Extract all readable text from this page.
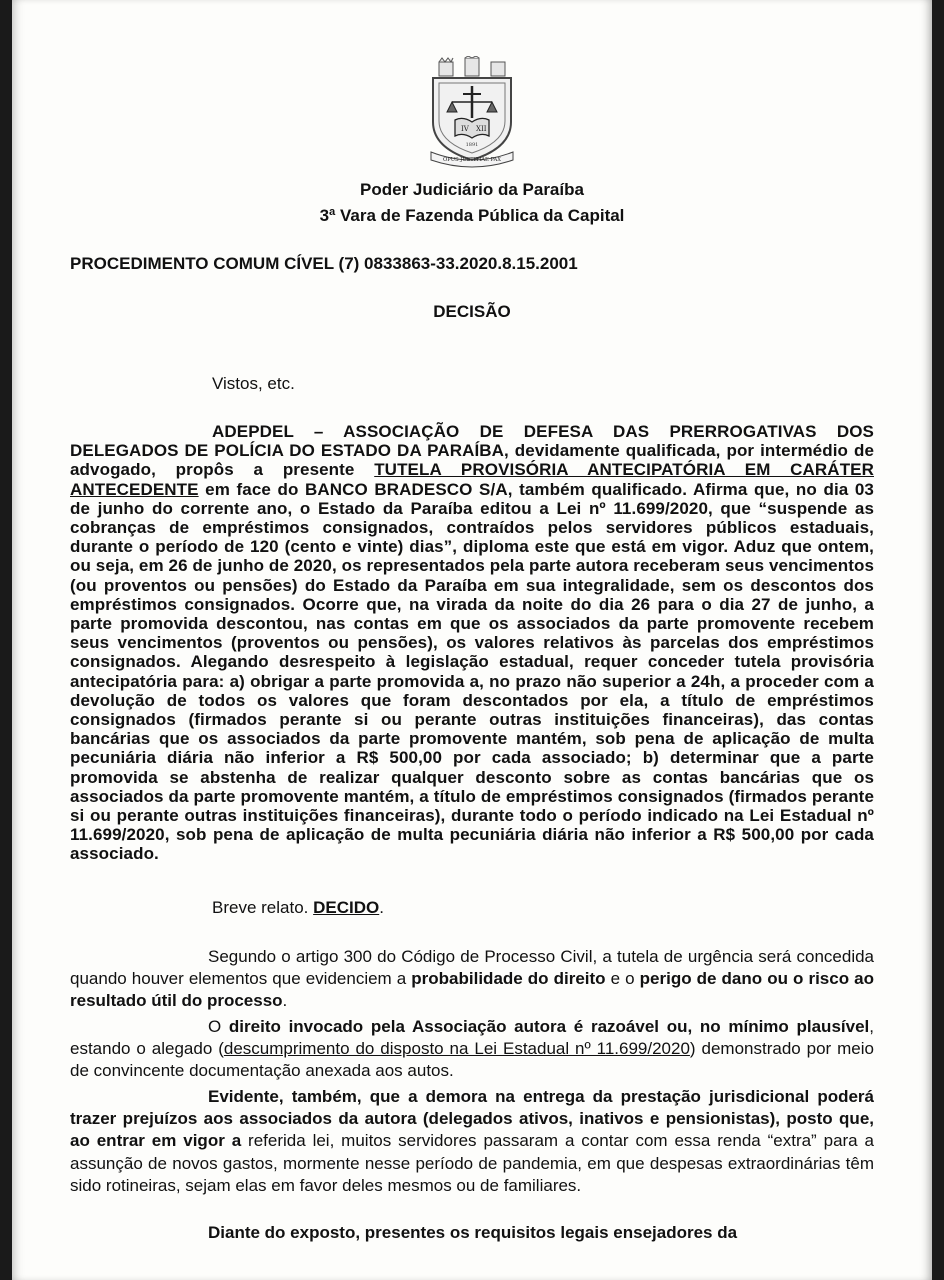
IV XII
1891
OPUS JUSTITIAE PAX
Poder Judiciário da Paraíba
3ª Vara de Fazenda Pública da Capital
PROCEDIMENTO COMUM CÍVEL (7) 0833863-33.2020.8.15.2001
DECISÃO
Vistos, etc.

ADEPDEL – ASSOCIAÇÃO DE DEFESA DAS PRERROGATIVAS DOS DELEGADOS DE POLÍCIA DO ESTADO DA PARAÍBA, devidamente qualificada, por intermédio de advogado, propôs a presente TUTELA PROVISÓRIA ANTECIPATÓRIA EM CARÁTER ANTECEDENTE em face do BANCO BRADESCO S/A, também qualificado. Afirma que, no dia 03 de junho do corrente ano, o Estado da Paraíba editou a Lei nº 11.699/2020, que “suspende as cobranças de empréstimos consignados, contraídos pelos servidores públicos estaduais, durante o período de 120 (cento e vinte) dias”, diploma este que está em vigor. Aduz que ontem, ou seja, em 26 de junho de 2020, os representados pela parte autora receberam seus vencimentos (ou proventos ou pensões) do Estado da Paraíba em sua integralidade, sem os descontos dos empréstimos consignados. Ocorre que, na virada da noite do dia 26 para o dia 27 de junho, a parte promovida descontou, nas contas em que os associados da parte promovente recebem seus vencimentos (proventos ou pensões), os valores relativos às parcelas dos empréstimos consignados. Alegando desrespeito à legislação estadual, requer conceder tutela provisória antecipatória para: a) obrigar a parte promovida a, no prazo não superior a 24h, a proceder com a devolução de todos os valores que foram descontados por ela, a título de empréstimos consignados (firmados perante si ou perante outras instituições financeiras), das contas bancárias que os associados da parte promovente mantém, sob pena de aplicação de multa pecuniária diária não inferior a R$ 500,00 por cada associado; b) determinar que a parte promovida se abstenha de realizar qualquer desconto sobre as contas bancárias que os associados da parte promovente mantém, a título de empréstimos consignados (firmados perante si ou perante outras instituições financeiras), durante todo o período indicado na Lei Estadual nº 11.699/2020, sob pena de aplicação de multa pecuniária diária não inferior a R$ 500,00 por cada associado.

Breve relato. DECIDO.

Segundo o artigo 300 do Código de Processo Civil, a tutela de urgência será concedida quando houver elementos que evidenciem a probabilidade do direito e o perigo de dano ou o risco ao resultado útil do processo.

O direito invocado pela Associação autora é razoável ou, no mínimo plausível, estando o alegado (descumprimento do disposto na Lei Estadual nº 11.699/2020) demonstrado por meio de convincente documentação anexada aos autos.

Evidente, também, que a demora na entrega da prestação jurisdicional poderá trazer prejuízos aos associados da autora (delegados ativos, inativos e pensionistas), posto que, ao entrar em vigor a referida lei, muitos servidores passaram a contar com essa renda “extra” para a assunção de novos gastos, mormente nesse período de pandemia, em que despesas extraordinárias têm sido rotineiras, sejam elas em favor deles mesmos ou de familiares.

Diante do exposto, presentes os requisitos legais ensejadores da
